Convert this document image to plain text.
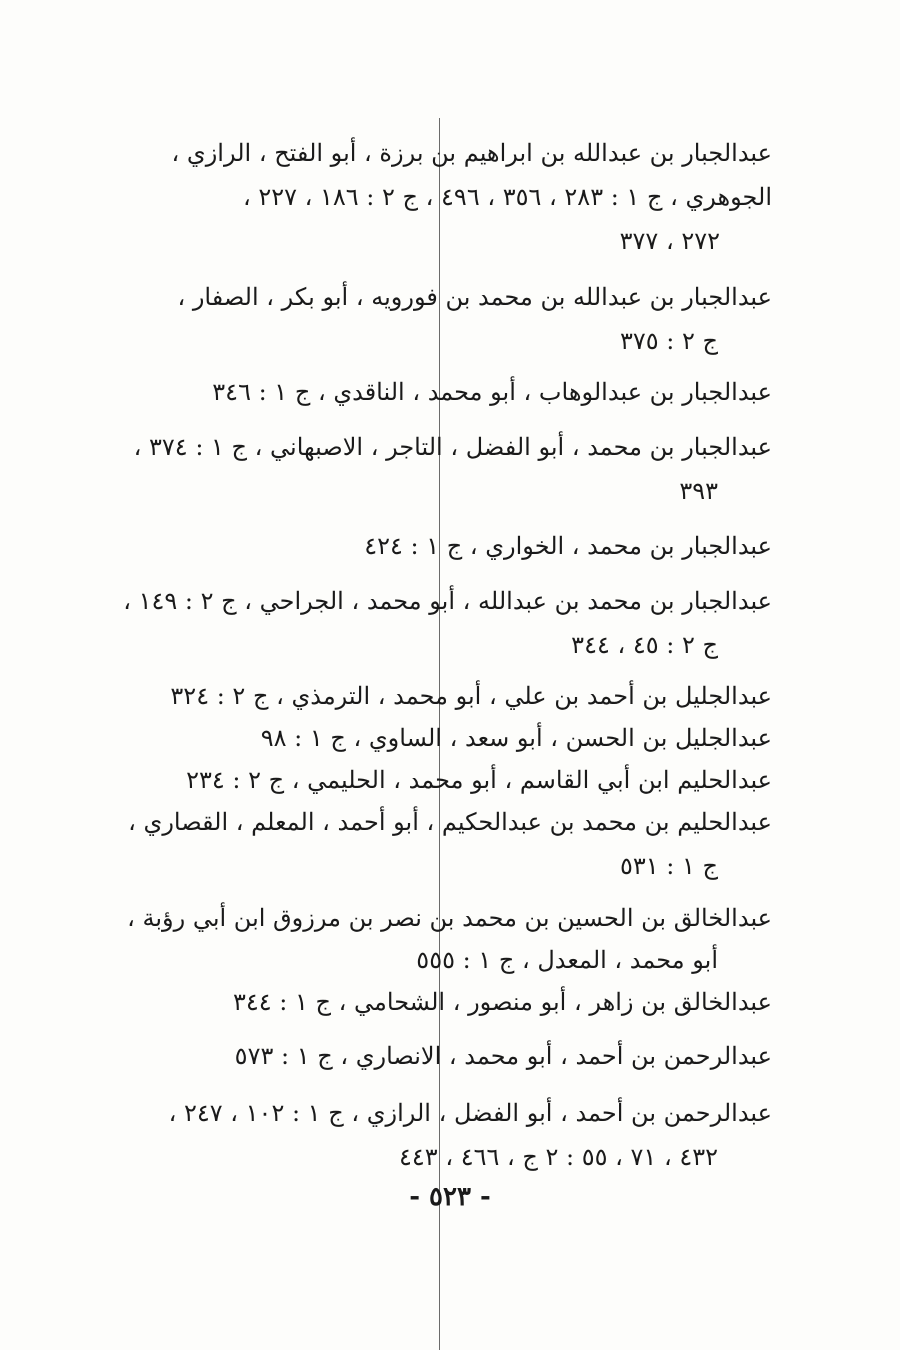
عبدالجبار بن عبدالله بن ابراهيم بن برزة ، أبو الفتح ، الرازي ،
الجوهري ، ج ١ : ٢٨٣ ، ٣٥٦ ، ٤٩٦ ، ج ٢ : ١٨٦ ، ٢٢٧ ،
٢٧٢ ، ٣٧٧
عبدالجبار بن عبدالله بن محمد بن فورويه ، أبو بكر ، الصفار ،
ج ٢ : ٣٧٥
عبدالجبار بن عبدالوهاب ، أبو محمد ، الناقدي ، ج ١ : ٣٤٦
عبدالجبار بن محمد ، أبو الفضل ، التاجر ، الاصبهاني ، ج ١ : ٣٧٤ ،
٣٩٣
عبدالجبار بن محمد ، الخواري ، ج ١ : ٤٢٤
عبدالجبار بن محمد بن عبدالله ، أبو محمد ، الجراحي ، ج ٢ : ١٤٩ ،
ج ٢ : ٤٥ ، ٣٤٤
عبدالجليل بن أحمد بن علي ، أبو محمد ، الترمذي ، ج ٢ : ٣٢٤
عبدالجليل بن الحسن ، أبو سعد ، الساوي ، ج ١ : ٩٨
عبدالحليم ابن أبي القاسم ، أبو محمد ، الحليمي ، ج ٢ : ٢٣٤
عبدالحليم بن محمد بن عبدالحكيم ، أبو أحمد ، المعلم ، القصاري ،
ج ١ : ٥٣١
عبدالخالق بن الحسين بن محمد بن نصر بن مرزوق ابن أبي رؤبة ،
أبو محمد ، المعدل ، ج ١ : ٥٥٥
عبدالخالق بن زاهر ، أبو منصور ، الشحامي ، ج ١ : ٣٤٤
عبدالرحمن بن أحمد ، أبو محمد ، الانصاري ، ج ١ : ٥٧٣
عبدالرحمن بن أحمد ، أبو الفضل ، الرازي ، ج ١ : ١٠٢ ، ٢٤٧ ،
٤٣٢ ، ٧١ ، ٥٥ : ٢ ج ، ٤٦٦ ، ٤٤٣
- ٥٢٣ -
